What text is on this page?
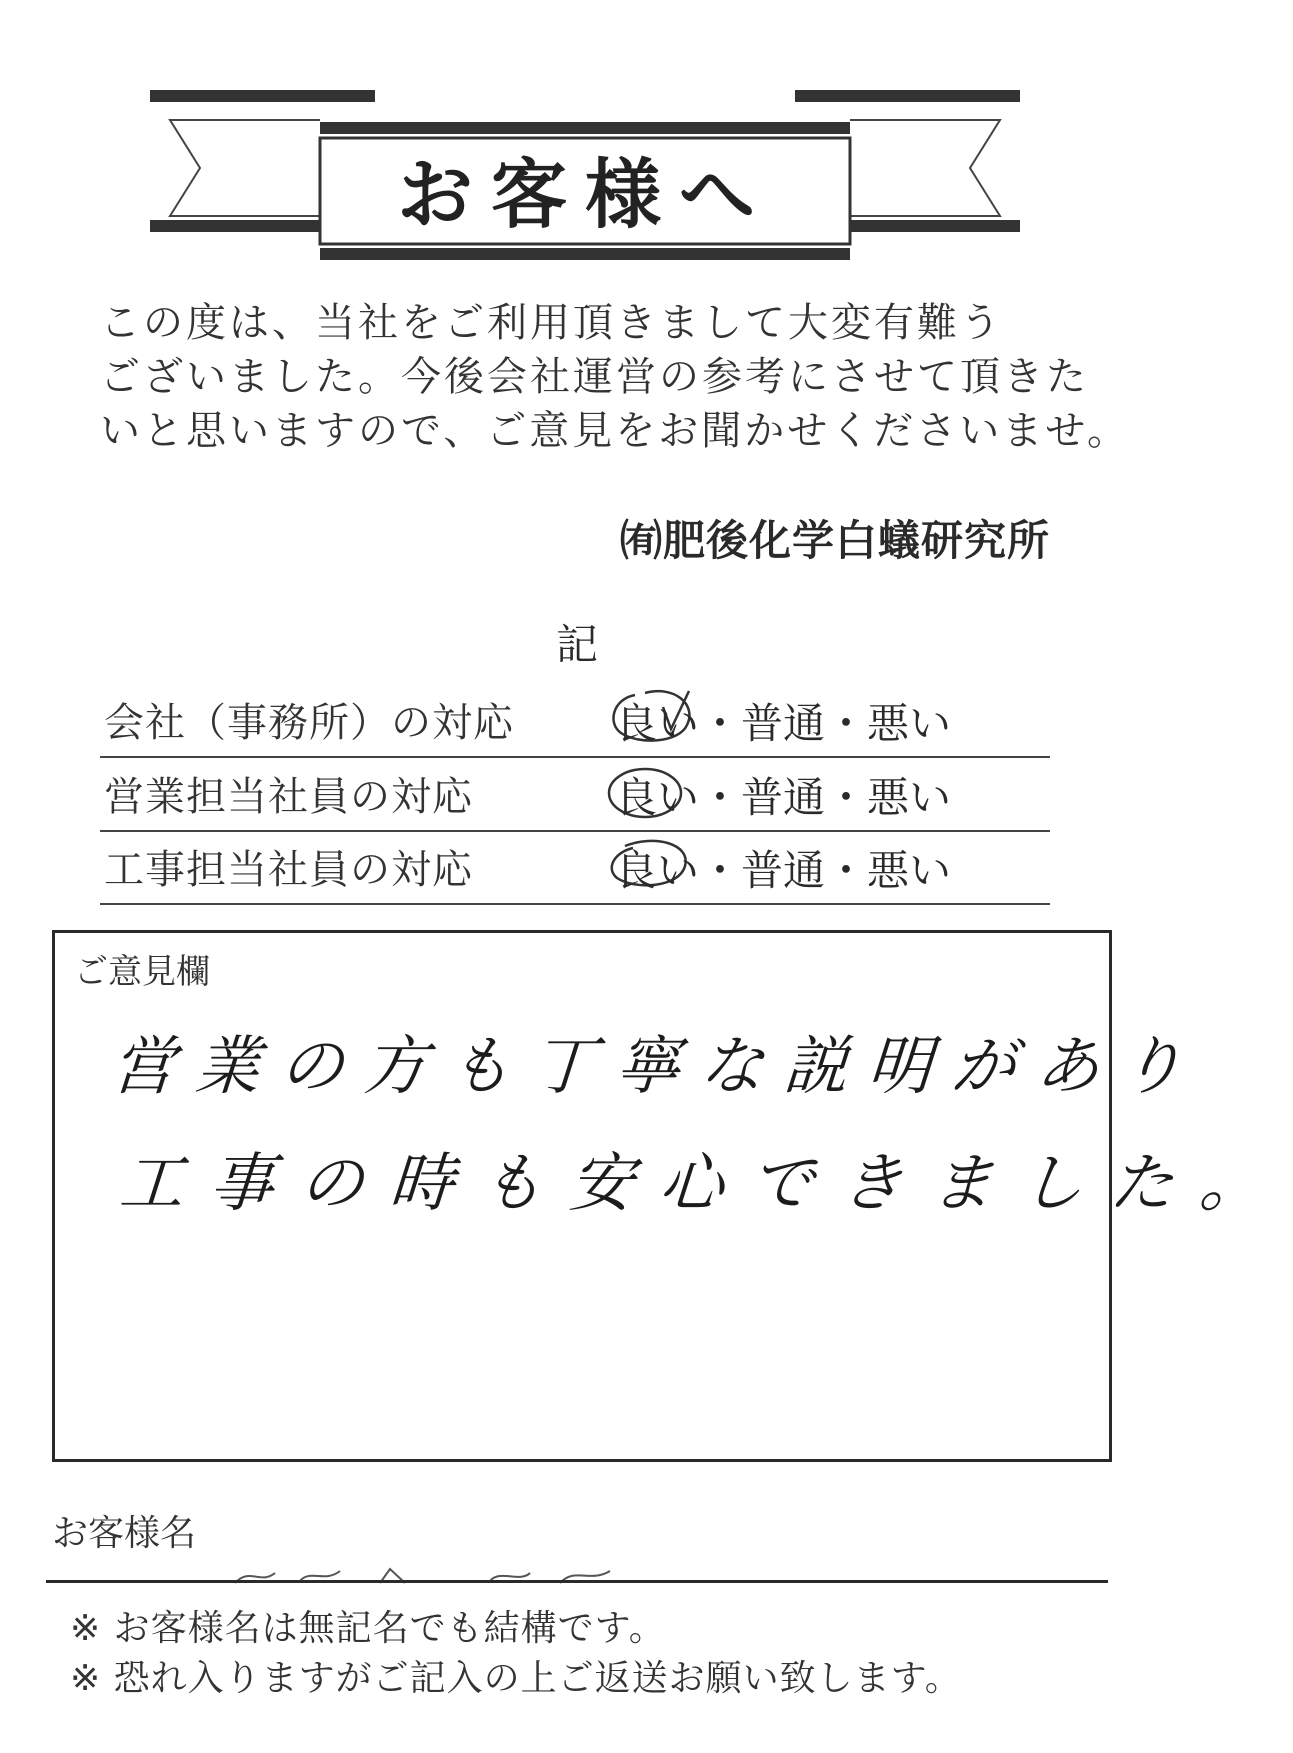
お客様へ
この度は、当社をご利用頂きまして大変有難う
ございました。今後会社運営の参考にさせて頂きた
いと思いますので、ご意見をお聞かせくださいませ。
㈲肥後化学白蟻研究所
記
会社（事務所）の対応 良い・普通・悪い
営業担当社員の対応	良い・普通・悪い
工事担当社員の対応	良い・普通・悪い
ご意見欄
営業の方も丁寧な説明があり
工事の時も安心できました。
お客様名
※ お客様名は無記名でも結構です。
※ 恐れ入りますがご記入の上ご返送お願い致します。
